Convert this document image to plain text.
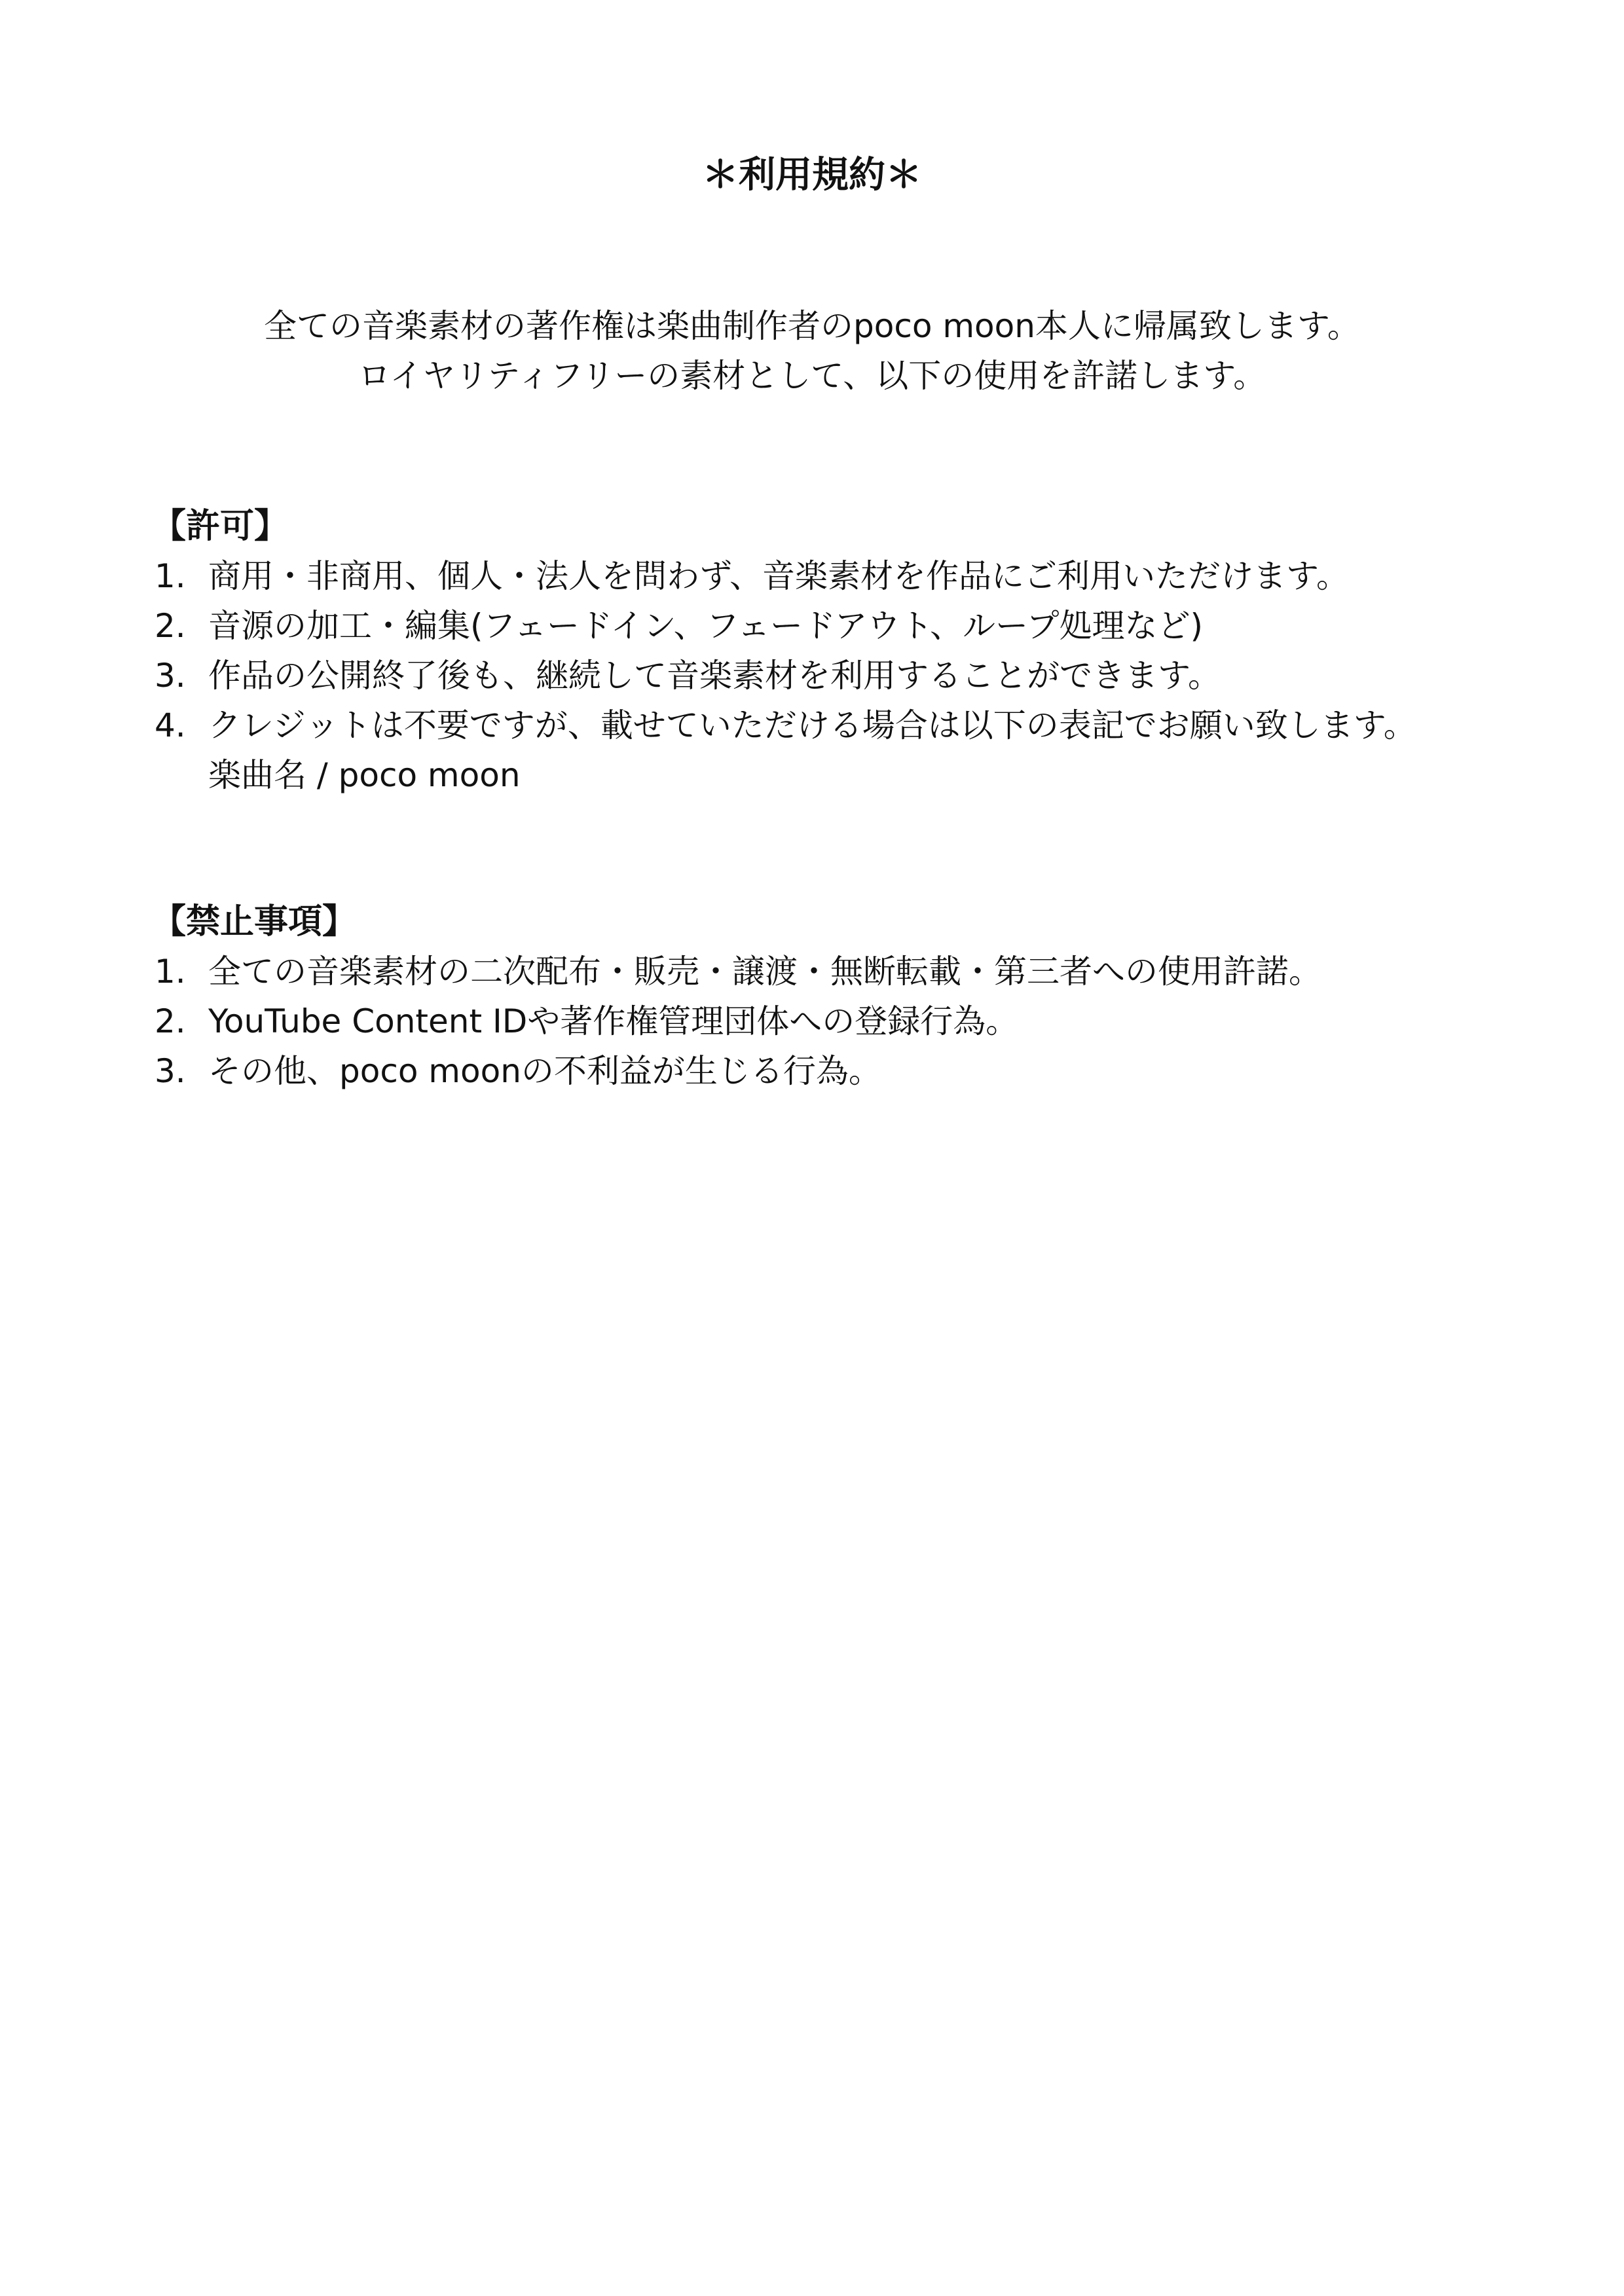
＊利用規約＊
全ての音楽素材の著作権は楽曲制作者のpoco moon本人に帰属致します。
ロイヤリティフリーの素材として、以下の使用を許諾します。
【許可】
1. 商用・非商用、個人・法人を問わず、音楽素材を作品にご利用いただけます。
2. 音源の加工・編集(フェードイン、フェードアウト、ループ処理など)
3. 作品の公開終了後も、継続して音楽素材を利用することができます。
4. クレジットは不要ですが、載せていただける場合は以下の表記でお願い致します。
楽曲名 / poco moon
【禁止事項】
1. 全ての音楽素材の二次配布・販売・譲渡・無断転載・第三者への使用許諾。
2. YouTube Content IDや著作権管理団体への登録行為。
3. その他、poco moonの不利益が生じる行為。
